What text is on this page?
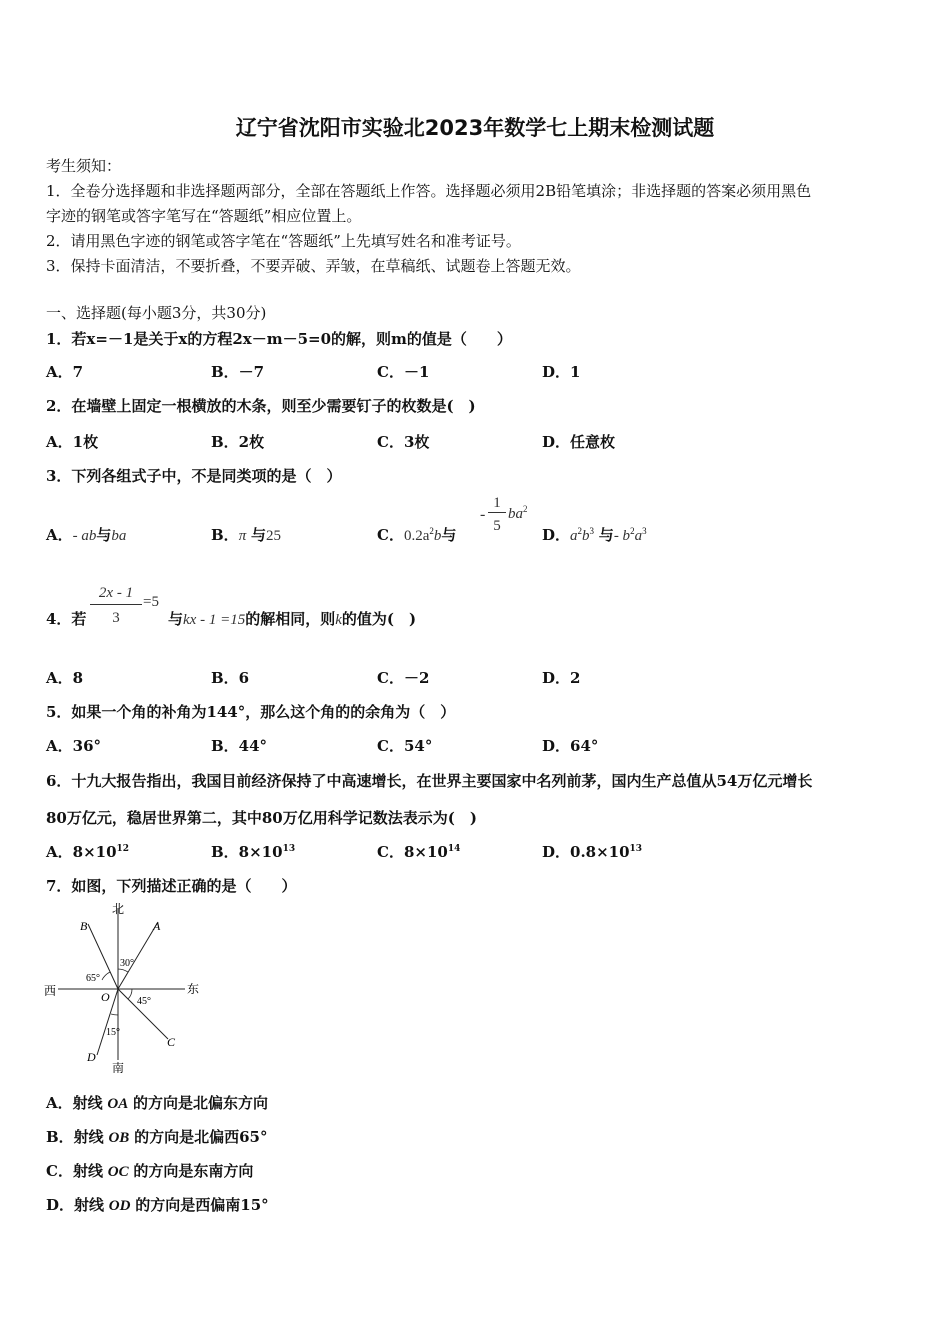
辽宁省沈阳市实验北2023年数学七上期末检测试题
考生须知：
1．全卷分选择题和非选择题两部分，全部在答题纸上作答。选择题必须用2B铅笔填涂；非选择题的答案必须用黑色
字迹的钢笔或答字笔写在“答题纸”相应位置上。
2．请用黑色字迹的钢笔或答字笔在“答题纸”上先填写姓名和准考证号。
3．保持卡面清洁，不要折叠，不要弄破、弄皱，在草稿纸、试题卷上答题无效。
一、选择题(每小题3分，共30分)
1．若x=－1是关于x的方程2x－m－5=0的解，则m的值是（　　）
A．7	B．－7	C．－1	D．1
2．在墙壁上固定一根横放的木条，则至少需要钉子的枚数是(　)
A．1枚	B．2枚	C．3枚	D．任意枚
3．下列各组式子中，不是同类项的是（　）
A．- ab与ba	B．π 与25	C．$0.2a^2b$与
-
1
5
$ba^2$
D．$a^2b^3$ 与- $b^2a^3$
4．若
2x - 1
3
=5
与kx - 1 =15的解相同，则k的值为(　)
A．8	B．6	C．－2	D．2
5．如果一个角的补角为144°，那么这个角的的余角为（　）
A．36°	B．44°	C．54°	D．64°
6．十九大报告指出，我国目前经济保持了中高速增长，在世界主要国家中名列前茅，国内生产总值从54万亿元增长
80万亿元，稳居世界第二，其中80万亿用科学记数法表示为(　)
A．$8\times 10^{12}$	B．$8\times 10^{13}$	C．$8\times 10^{14}$	D．$0.8\times 10^{13}$
7．如图，下列描述正确的是（　　）
北
南
西	东
A
B
C
D
O
30°
65°
45°
15°
A．射线 OA 的方向是北偏东方向
B．射线 OB 的方向是北偏西65°
C．射线 OC 的方向是东南方向
D．射线 OD 的方向是西偏南15°
